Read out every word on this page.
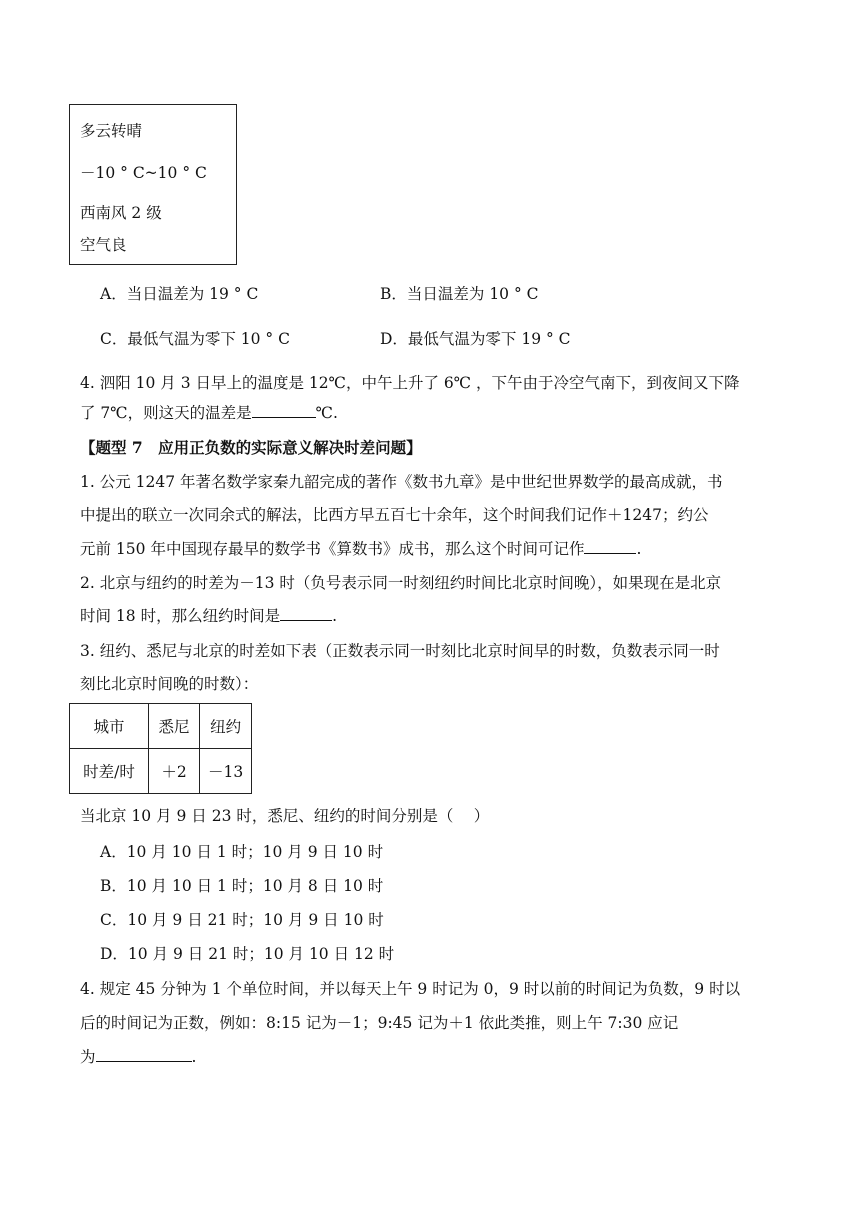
多云转晴
－10 ° C~10 ° C
西南风 2 级
空气良
A．当日温差为 19 ° C	B．当日温差为 10 ° C
C．最低气温为零下 10 ° C	D．最低气温为零下 19 ° C
4. 泗阳 10 月 3 日早上的温度是 12℃，中午上升了 6℃ ，下午由于冷空气南下，到夜间又下降
了 7℃，则这天的温差是	℃.
【题型 7　应用正负数的实际意义解决时差问题】
1. 公元 1247 年著名数学家秦九韶完成的著作《数书九章》是中世纪世界数学的最高成就，书
中提出的联立一次同余式的解法，比西方早五百七十余年，这个时间我们记作＋1247；约公
元前 150 年中国现存最早的数学书《算数书》成书，那么这个时间可记作	.
2. 北京与纽约的时差为－13 时（负号表示同一时刻纽约时间比北京时间晚），如果现在是北京
时间 18 时，那么纽约时间是	.
3. 纽约、悉尼与北京的时差如下表（正数表示同一时刻比北京时间早的时数，负数表示同一时
刻比北京时间晚的时数）：
城市	悉尼	纽约
时差/时	＋2	－13
当北京 10 月 9 日 23 时，悉尼、纽约的时间分别是（　 ）
A．10 月 10 日 1 时；10 月 9 日 10 时
B．10 月 10 日 1 时；10 月 8 日 10 时
C．10 月 9 日 21 时；10 月 9 日 10 时
D．10 月 9 日 21 时；10 月 10 日 12 时
4. 规定 45 分钟为 1 个单位时间，并以每天上午 9 时记为 0，9 时以前的时间记为负数，9 时以
后的时间记为正数，例如：8:15 记为－1；9:45 记为＋1 依此类推，则上午 7:30 应记
为	.
